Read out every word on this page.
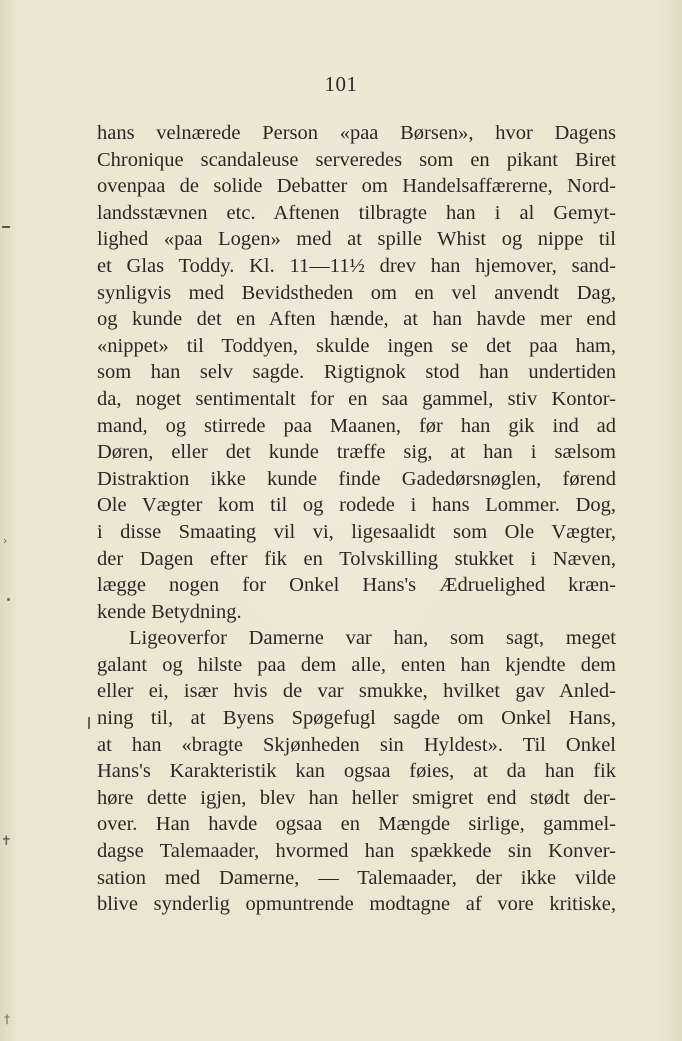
101
hans velnærede Person «paa Børsen», hvor Dagens
Chronique scandaleuse serveredes som en pikant Biret
ovenpaa de solide Debatter om Handelsaffærerne, Nord-
landsstævnen etc. Aftenen tilbragte han i al Gemyt-
lighed «paa Logen» med at spille Whist og nippe til
et Glas Toddy. Kl. 11—11½ drev han hjemover, sand-
synligvis med Bevidstheden om en vel anvendt Dag,
og kunde det en Aften hænde, at han havde mer end
«nippet» til Toddyen, skulde ingen se det paa ham,
som han selv sagde. Rigtignok stod han undertiden
da, noget sentimentalt for en saa gammel, stiv Kontor-
mand, og stirrede paa Maanen, før han gik ind ad
Døren, eller det kunde træffe sig, at han i sælsom
Distraktion ikke kunde finde Gadedørsnøglen, førend
Ole Vægter kom til og rodede i hans Lommer. Dog,
i disse Smaating vil vi, ligesaalidt som Ole Vægter,
der Dagen efter fik en Tolvskilling stukket i Næven,
lægge nogen for Onkel Hans's Ædruelighed kræn-
kende Betydning.
Ligeoverfor Damerne var han, som sagt, meget
galant og hilste paa dem alle, enten han kjendte dem
eller ei, især hvis de var smukke, hvilket gav Anled-
ning til, at Byens Spøgefugl sagde om Onkel Hans,
at han «bragte Skjønheden sin Hyldest». Til Onkel
Hans's Karakteristik kan ogsaa føies, at da han fik
høre dette igjen, blev han heller smigret end stødt der-
over. Han havde ogsaa en Mængde sirlige, gammel-
dagse Talemaader, hvormed han spækkede sin Konver-
sation med Damerne, — Talemaader, der ikke vilde
blive synderlig opmuntrende modtagne af vore kritiske,
›
✝
†
